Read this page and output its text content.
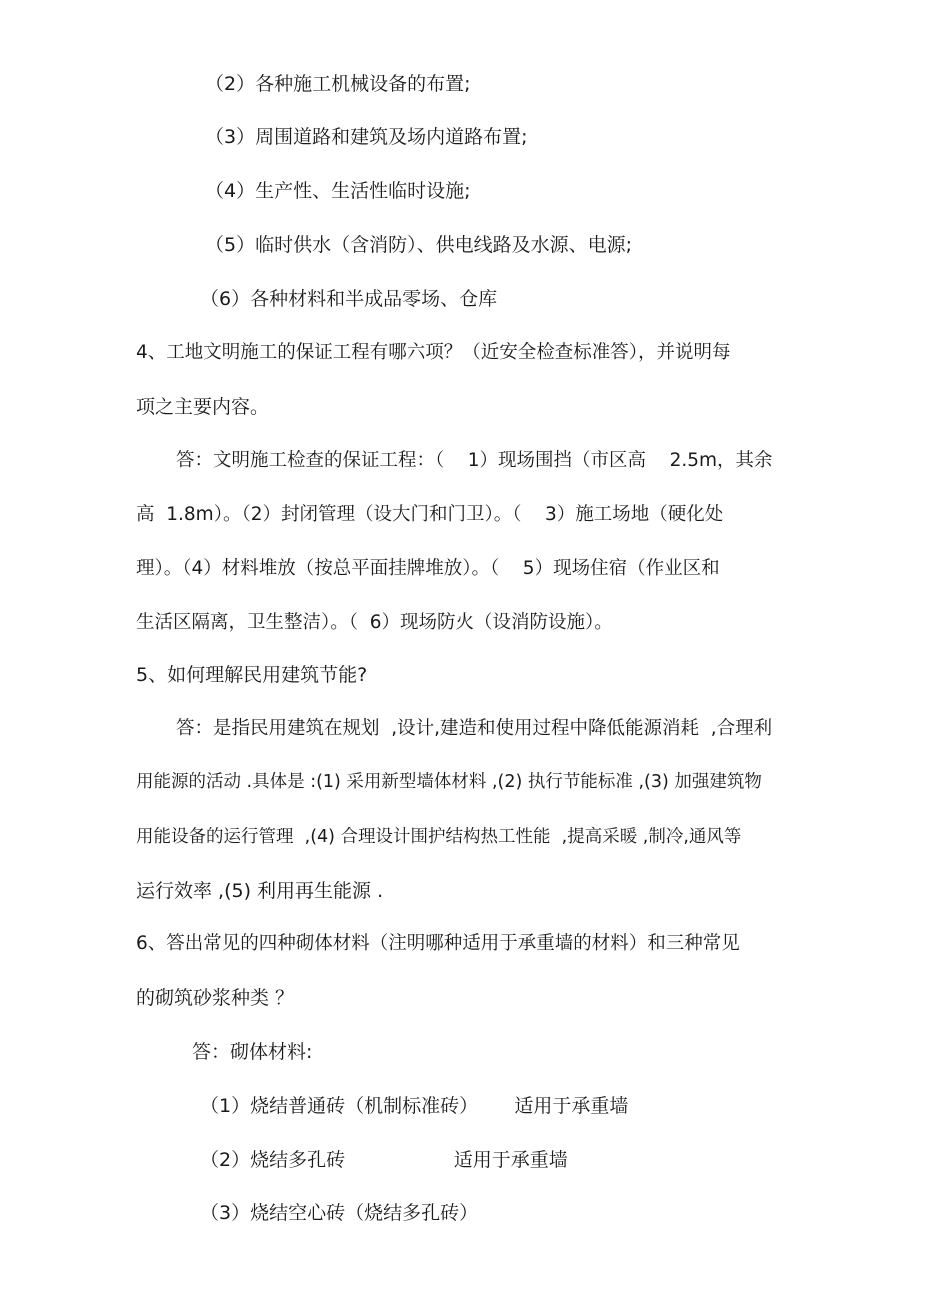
（2）各种施工机械设备的布置;
（3）周围道路和建筑及场内道路布置;
（4）生产性、生活性临时设施;
（5）临时供水（含消防）、供电线路及水源、电源;
（6）各种材料和半成品零场、仓库
4、工地文明施工的保证工程有哪六项？（近安全检查标准答），并说明每
项之主要内容。
答：文明施工检查的保证工程：（    1）现场围挡（市区高    2.5m，其余
高  1.8m）。（2）封闭管理（设大门和门卫）。（    3）施工场地（硬化处
理）。（4）材料堆放（按总平面挂牌堆放）。（    5）现场住宿（作业区和
生活区隔离，卫生整洁）。（  6）现场防火（设消防设施）。
5、如何理解民用建筑节能?
答：是指民用建筑在规划  ,设计,建造和使用过程中降低能源消耗  ,合理利
用能源的活动 .具体是 :(1) 采用新型墙体材料 ,(2) 执行节能标准 ,(3) 加强建筑物
用能设备的运行管理  ,(4) 合理设计围护结构热工性能  ,提高采暖 ,制冷,通风等
运行效率 ,(5) 利用再生能源 .
6、答出常见的四种砌体材料（注明哪种适用于承重墙的材料）和三种常见
的砌筑砂浆种类 ？
答：砌体材料:
（1）烧结普通砖（机制标准砖）      适用于承重墙
（2）烧结多孔砖                  适用于承重墙
（3）烧结空心砖（烧结多孔砖）
